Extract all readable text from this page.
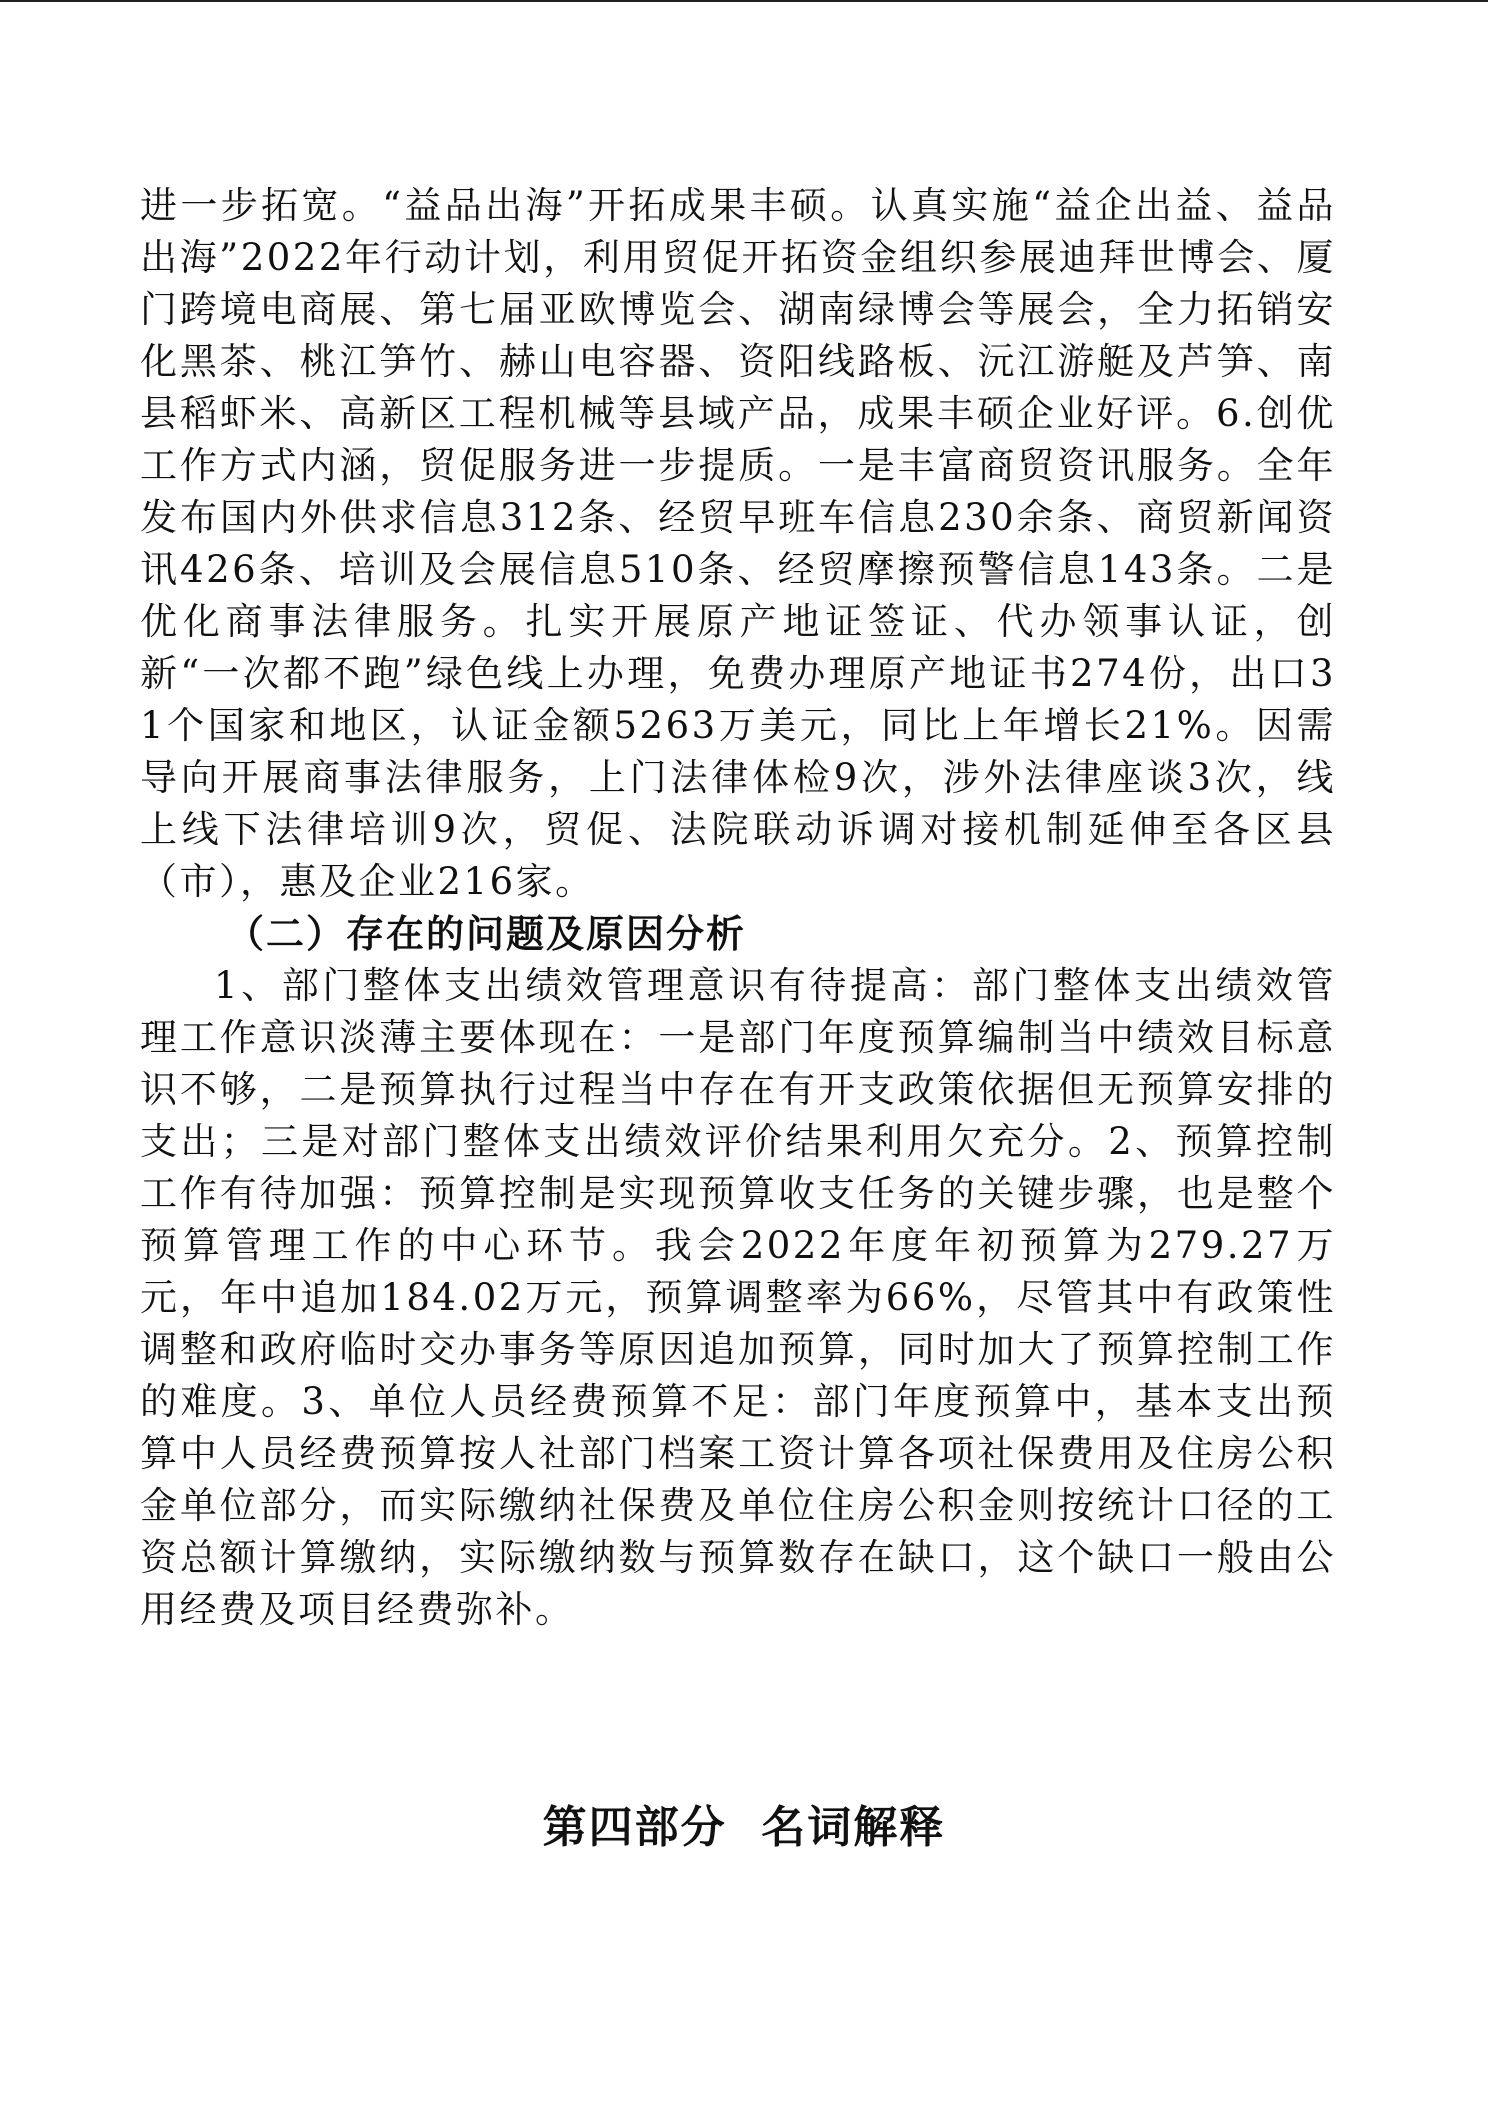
进一步拓宽。“益品出海”开拓成果丰硕。认真实施“益企出益、益品出海”2022年行动计划，利用贸促开拓资金组织参展迪拜世博会、厦门跨境电商展、第七届亚欧博览会、湖南绿博会等展会，全力拓销安化黑茶、桃江笋竹、赫山电容器、资阳线路板、沅江游艇及芦笋、南县稻虾米、高新区工程机械等县域产品，成果丰硕企业好评。6.创优工作方式内涵，贸促服务进一步提质。一是丰富商贸资讯服务。全年发布国内外供求信息312条、经贸早班车信息230余条、商贸新闻资讯426条、培训及会展信息510条、经贸摩擦预警信息143条。二是优化商事法律服务。扎实开展原产地证签证、代办领事认证，创新“一次都不跑”绿色线上办理，免费办理原产地证书274份，出口31个国家和地区，认证金额5263万美元，同比上年增长21%。因需导向开展商事法律服务，上门法律体检9次，涉外法律座谈3次，线上线下法律培训9次，贸促、法院联动诉调对接机制延伸至各区县（市），惠及企业216家。

（二）存在的问题及原因分析

1、部门整体支出绩效管理意识有待提高：部门整体支出绩效管理工作意识淡薄主要体现在：一是部门年度预算编制当中绩效目标意识不够，二是预算执行过程当中存在有开支政策依据但无预算安排的支出；三是对部门整体支出绩效评价结果利用欠充分。2、预算控制工作有待加强：预算控制是实现预算收支任务的关键步骤，也是整个预算管理工作的中心环节。我会2022年度年初预算为279.27万元，年中追加184.02万元，预算调整率为66%，尽管其中有政策性调整和政府临时交办事务等原因追加预算，同时加大了预算控制工作的难度。3、单位人员经费预算不足：部门年度预算中，基本支出预算中人员经费预算按人社部门档案工资计算各项社保费用及住房公积金单位部分，而实际缴纳社保费及单位住房公积金则按统计口径的工资总额计算缴纳，实际缴纳数与预算数存在缺口，这个缺口一般由公用经费及项目经费弥补。

第四部分  名词解释
